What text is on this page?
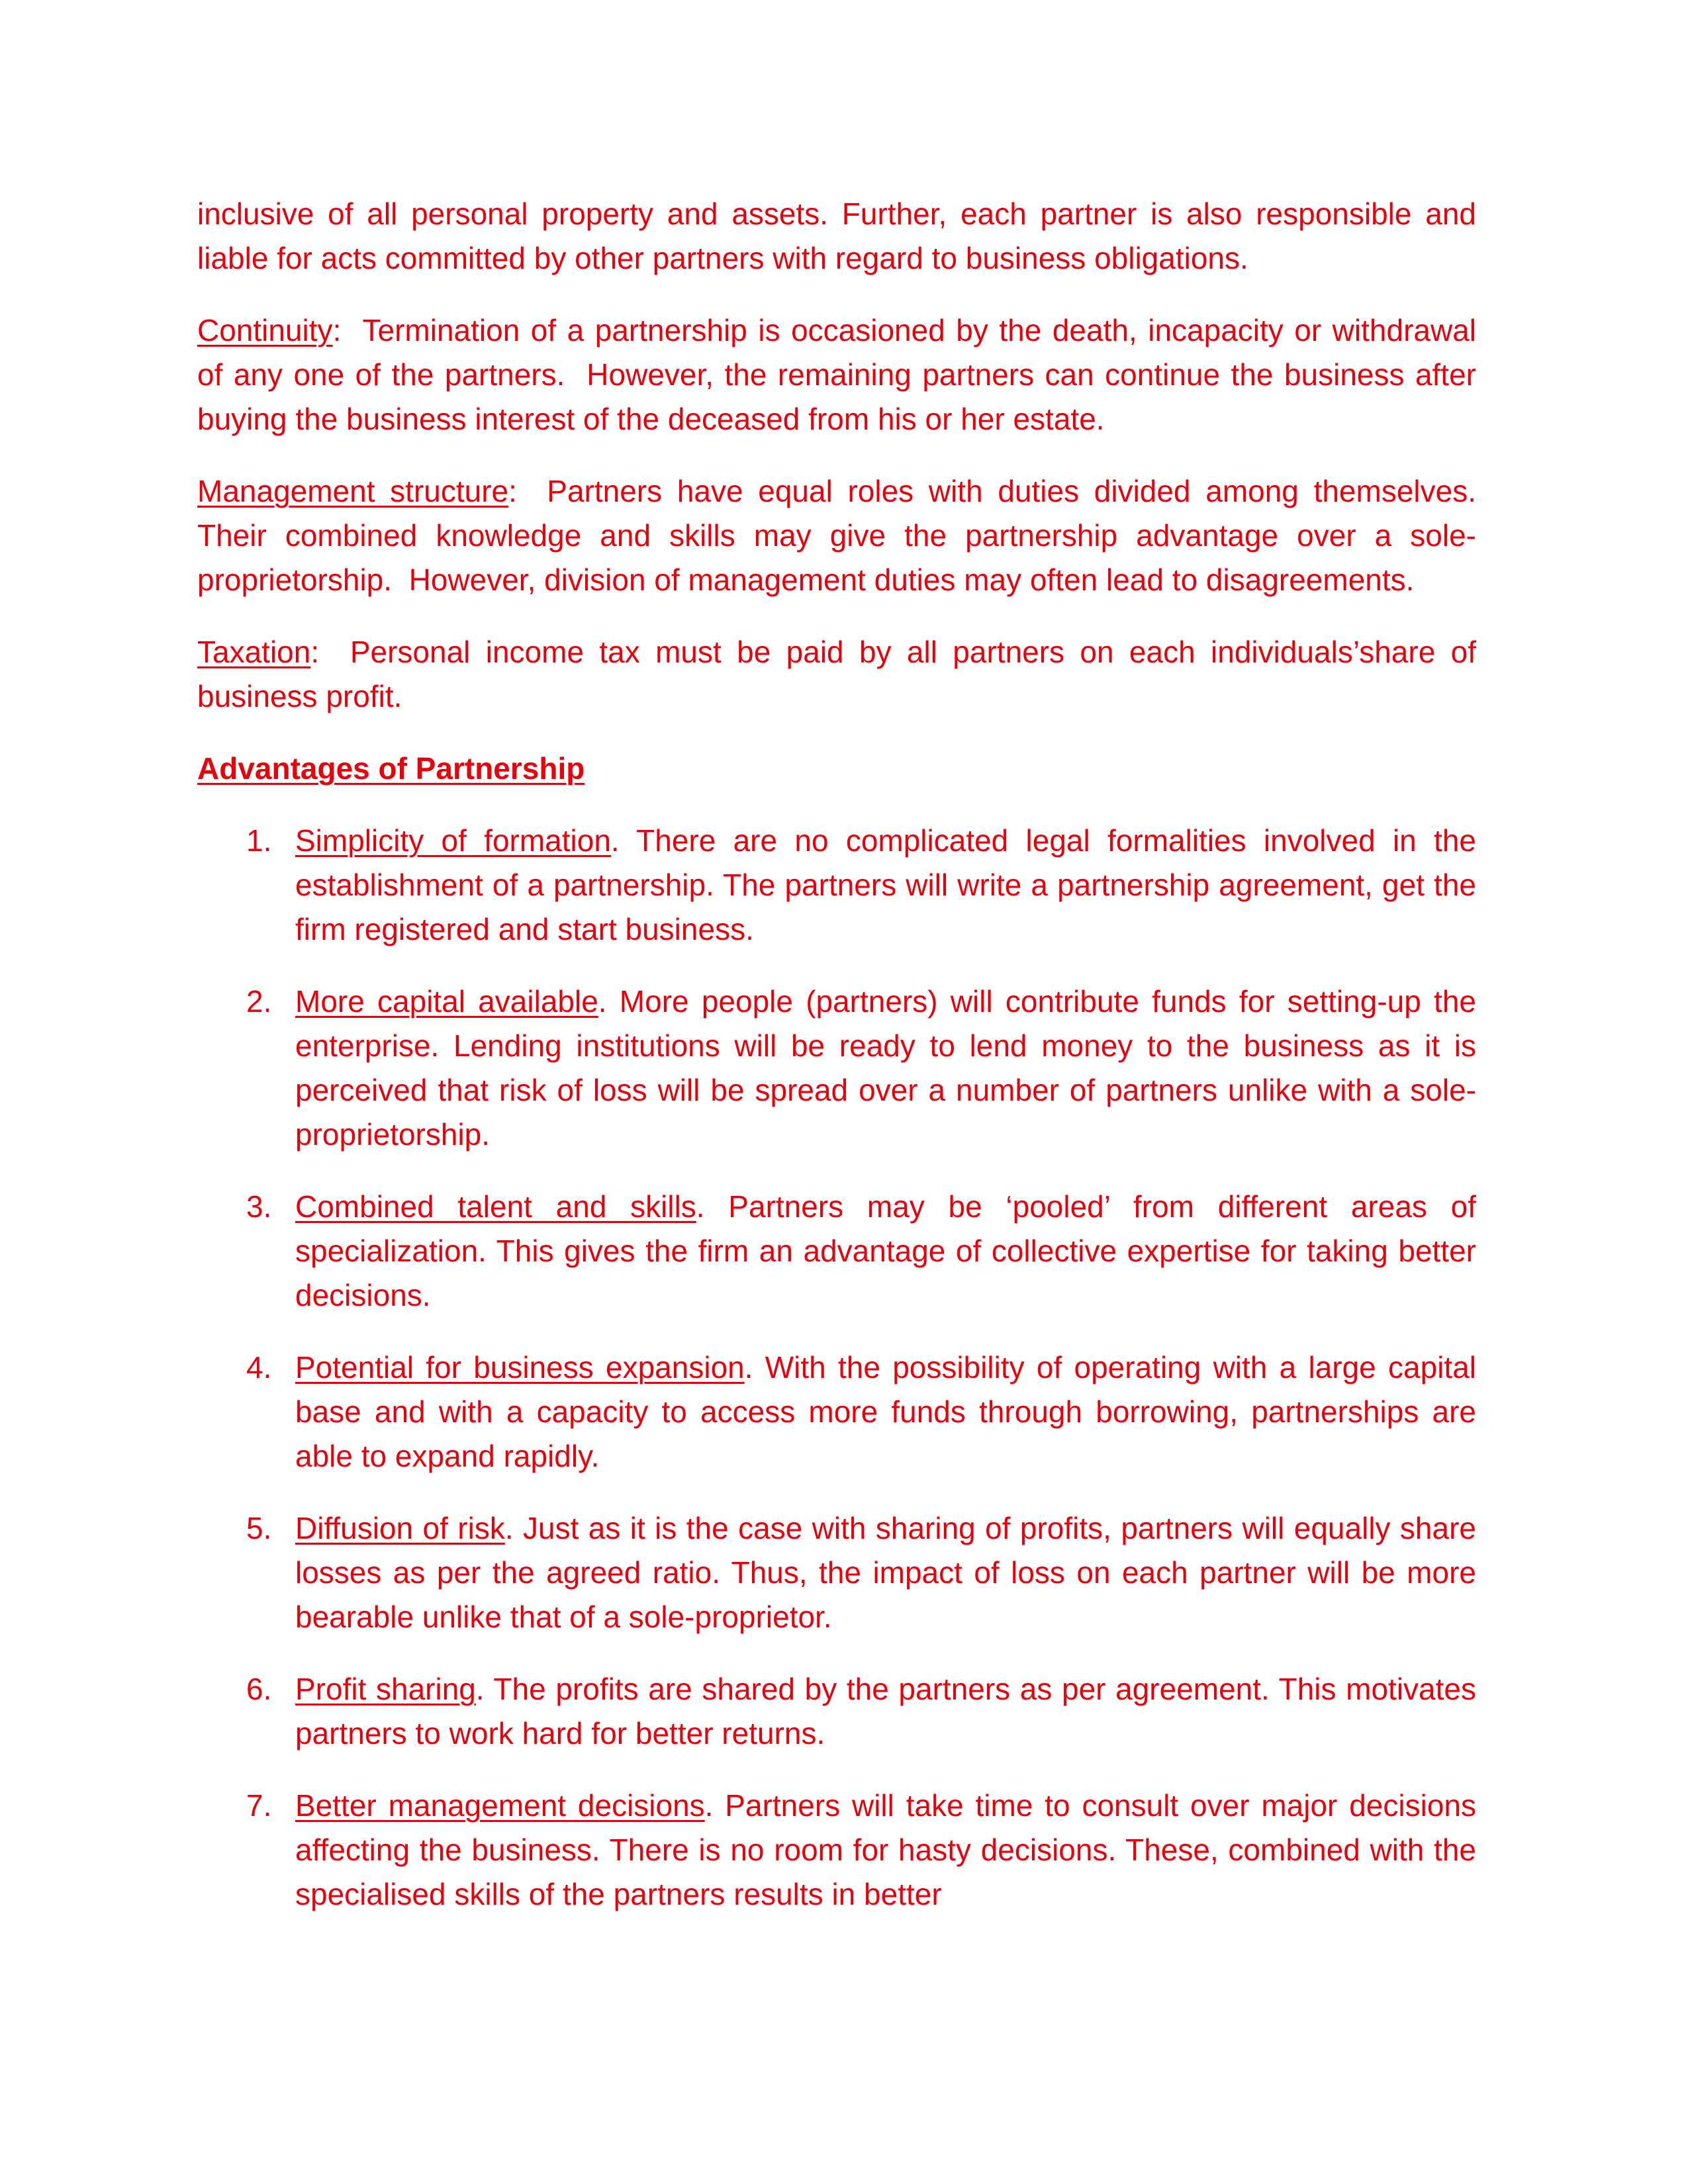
inclusive of all personal property and assets. Further, each partner is also responsible and liable for acts committed by other partners with regard to business obligations.

Continuity:  Termination of a partnership is occasioned by the death, incapacity or withdrawal of any one of the partners.  However, the remaining partners can continue the business after buying the business interest of the deceased from his or her estate.

Management structure:  Partners have equal roles with duties divided among themselves.  Their combined knowledge and skills may give the partnership advantage over a sole-proprietorship.  However, division of management duties may often lead to disagreements.

Taxation:  Personal income tax must be paid by all partners on each individuals’share of business profit.

Advantages of Partnership
1. Simplicity of formation. There are no complicated legal formalities involved in the establishment of a partnership. The partners will write a partnership agreement, get the firm registered and start business.
2. More capital available. More people (partners) will contribute funds for setting-up the enterprise. Lending institutions will be ready to lend money to the business as it is perceived that risk of loss will be spread over a number of partners unlike with a sole-proprietorship.
3. Combined talent and skills. Partners may be ‘pooled’ from different areas of specialization. This gives the firm an advantage of collective expertise for taking better decisions.
4. Potential for business expansion. With the possibility of operating with a large capital base and with a capacity to access more funds through borrowing, partnerships are able to expand rapidly.
5. Diffusion of risk. Just as it is the case with sharing of profits, partners will equally share losses as per the agreed ratio. Thus, the impact of loss on each partner will be more bearable unlike that of a sole-proprietor.
6. Profit sharing. The profits are shared by the partners as per agreement. This motivates partners to work hard for better returns.
7. Better management decisions. Partners will take time to consult over major decisions affecting the business. There is no room for hasty decisions. These, combined with the specialised skills of the partners results in better
